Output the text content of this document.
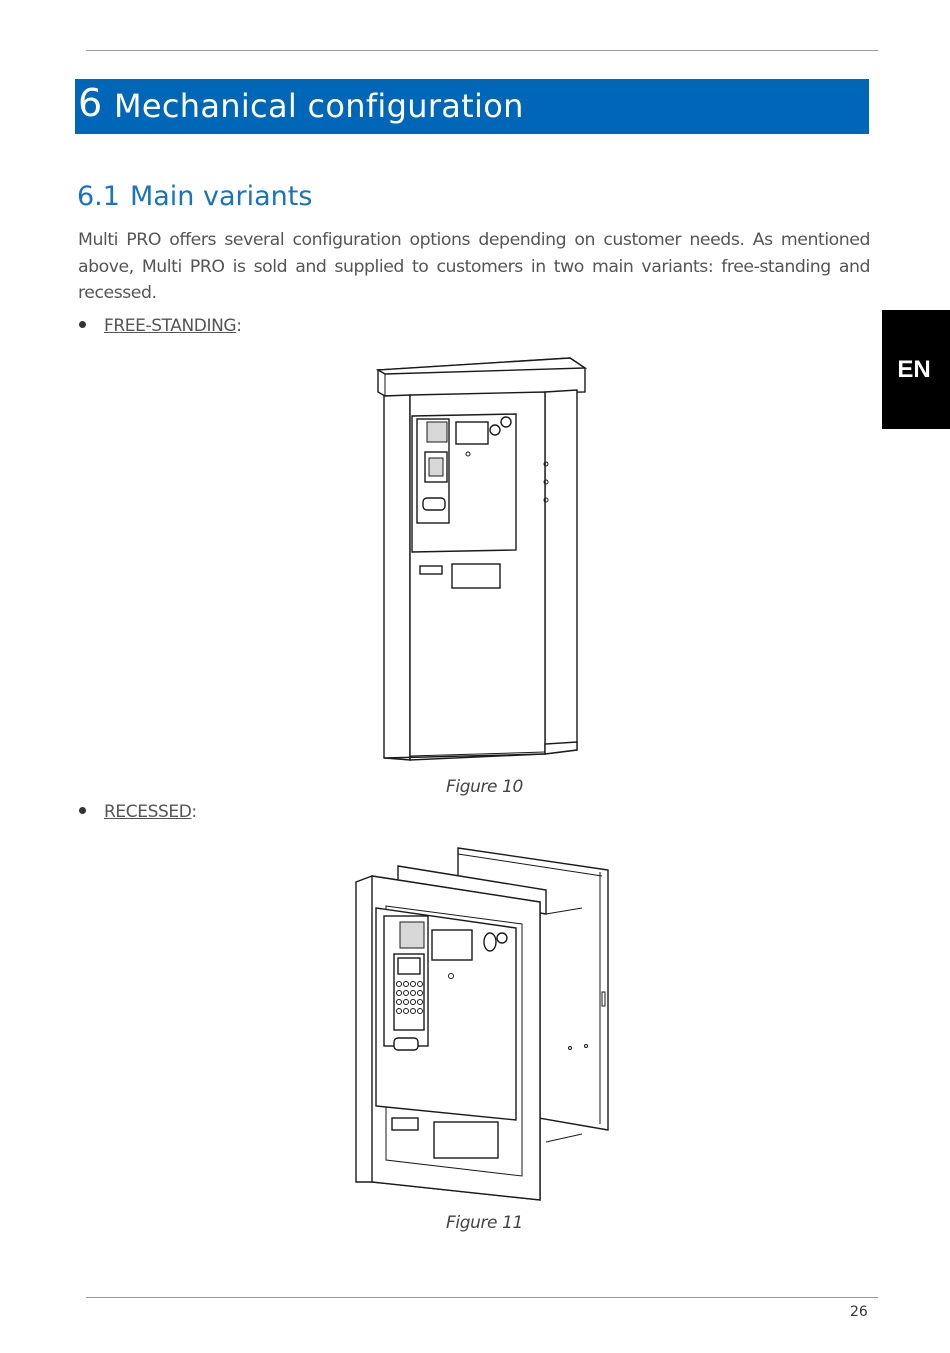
6 Mechanical configuration
EN
6.1 Main variants
Multi PRO offers several configuration options depending on customer needs. As mentioned above, Multi PRO is sold and supplied to customers in two main variants: free-standing and recessed.
FREE-STANDING:
Figure 10
RECESSED:
Figure 11
26
